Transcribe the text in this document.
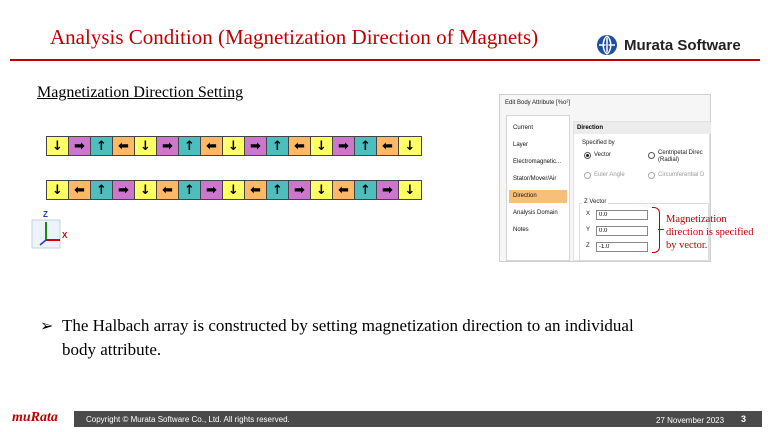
Analysis Condition (Magnetization Direction of Magnets)	Murata Software
Magnetization Direction Setting
↓ ➡ ↑ ⬅ ↓ ➡ ↑ ⬅ ↓ ➡ ↑ ⬅ ↓ ➡ ↑ ⬅ ↓
↓ ⬅ ↑ ➡ ↓ ⬅ ↑ ➡ ↓ ⬅ ↑ ➡ ↓ ⬅ ↑ ➡ ↓
Z
X
Edit Body Attribute [%o²]
Current
Layer
Electromagnetic...
Stator/Mover/Air
Direction
Analysis Domain
Notes
Direction
Specified by
Vector	Centripetal Direc (Radial)
Euler Angle	Circumferential D
Z Vector
X
0.0
Y
0.0
Z
-1.0
Magnetization direction is specified by vector.
➢ The Halbach array is constructed by setting magnetization direction to an individual body attribute.
muRata	Copyright © Murata Software Co., Ltd. All rights reserved.	27 November 2023 3
